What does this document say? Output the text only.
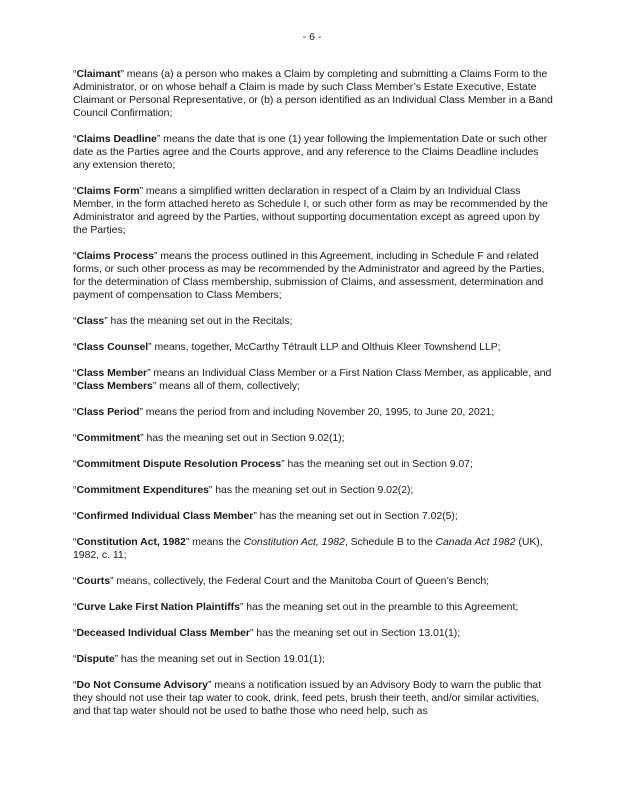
- 6 -

“Claimant” means (a) a person who makes a Claim by completing and submitting a Claims Form to the Administrator, or on whose behalf a Claim is made by such Class Member’s Estate Executive, Estate Claimant or Personal Representative, or (b) a person identified as an Individual Class Member in a Band Council Confirmation;

“Claims Deadline” means the date that is one (1) year following the Implementation Date or such other date as the Parties agree and the Courts approve, and any reference to the Claims Deadline includes any extension thereto;

“Claims Form” means a simplified written declaration in respect of a Claim by an Individual Class Member, in the form attached hereto as Schedule I, or such other form as may be recommended by the Administrator and agreed by the Parties, without supporting documentation except as agreed upon by the Parties;

“Claims Process” means the process outlined in this Agreement, including in Schedule F and related forms, or such other process as may be recommended by the Administrator and agreed by the Parties, for the determination of Class membership, submission of Claims, and assessment, determination and payment of compensation to Class Members;

“Class” has the meaning set out in the Recitals;

“Class Counsel” means, together, McCarthy Tétrault LLP and Olthuis Kleer Townshend LLP;

“Class Member” means an Individual Class Member or a First Nation Class Member, as applicable, and “Class Members” means all of them, collectively;

“Class Period” means the period from and including November 20, 1995, to June 20, 2021;

“Commitment” has the meaning set out in Section 9.02(1);

“Commitment Dispute Resolution Process” has the meaning set out in Section 9.07;

“Commitment Expenditures” has the meaning set out in Section 9.02(2);

“Confirmed Individual Class Member” has the meaning set out in Section 7.02(5);

“Constitution Act, 1982” means the Constitution Act, 1982, Schedule B to the Canada Act 1982 (UK), 1982, c. 11;

“Courts” means, collectively, the Federal Court and the Manitoba Court of Queen’s Bench;

“Curve Lake First Nation Plaintiffs” has the meaning set out in the preamble to this Agreement;

“Deceased Individual Class Member” has the meaning set out in Section 13.01(1);

“Dispute” has the meaning set out in Section 19.01(1);

“Do Not Consume Advisory” means a notification issued by an Advisory Body to warn the public that they should not use their tap water to cook, drink, feed pets, brush their teeth, and/or similar activities, and that tap water should not be used to bathe those who need help, such as
